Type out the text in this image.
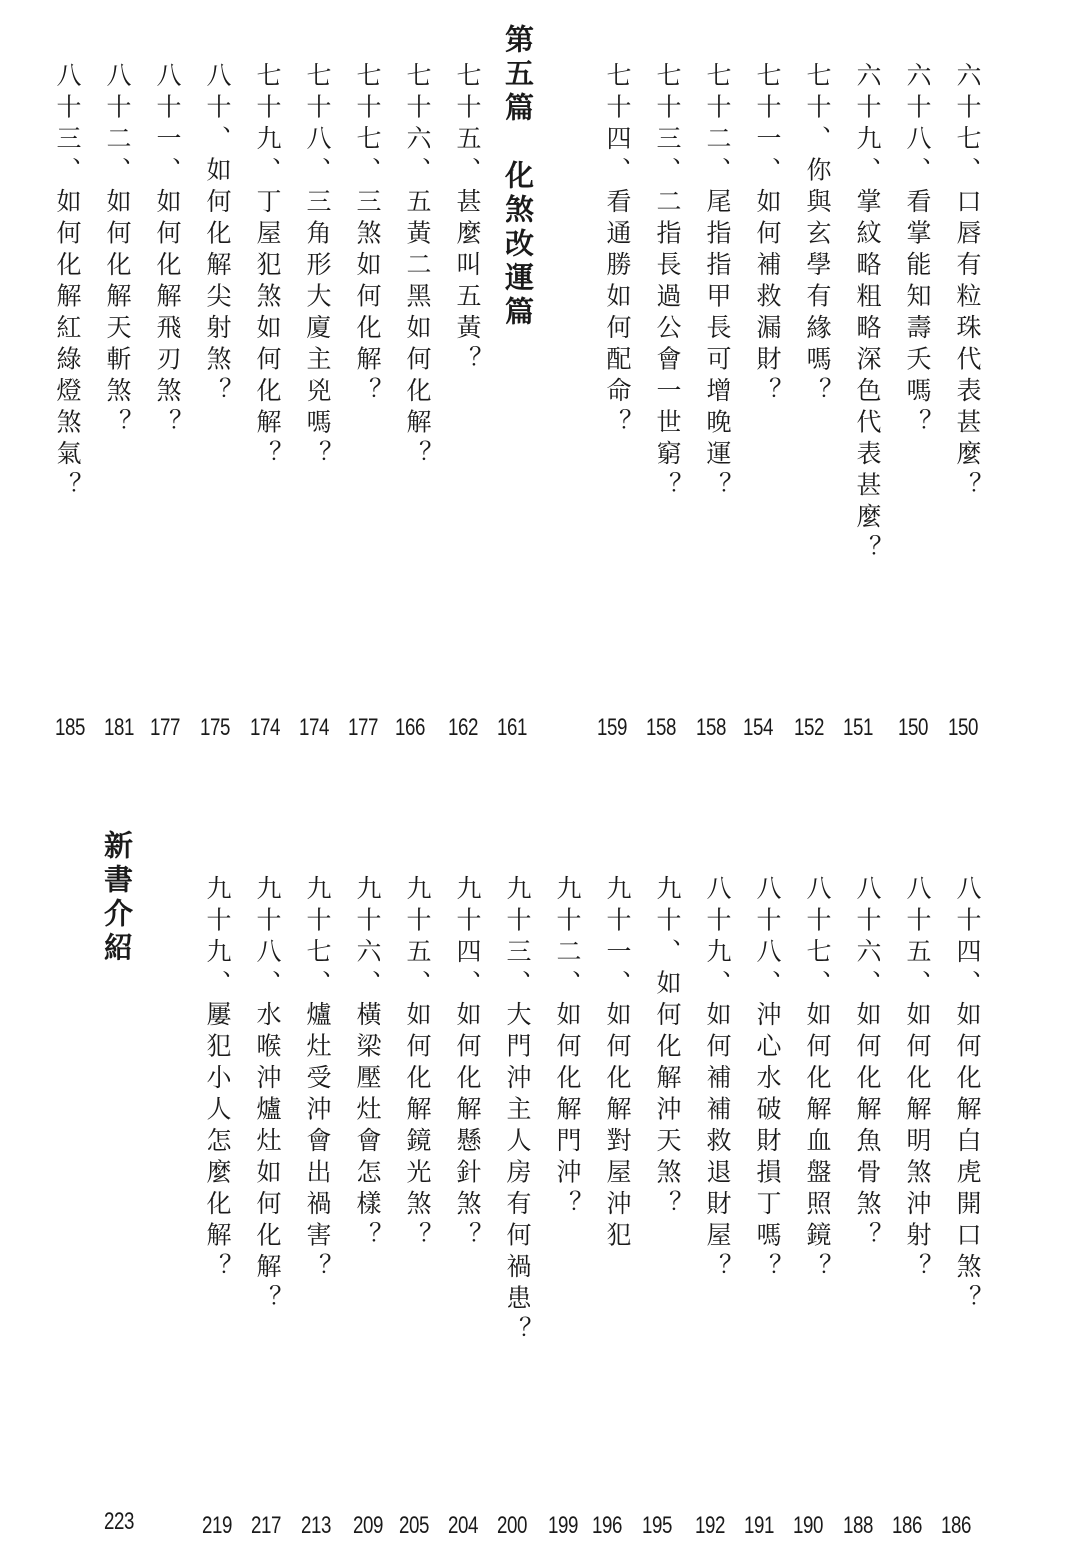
六十七、口唇有粒珠代表甚麼？
六十八、看掌能知壽夭嗎？
六十九、掌紋略粗略深色代表甚麼？
七十、你與玄學有緣嗎？
七十一、如何補救漏財？
七十二、尾指指甲長可增晚運？
七十三、二指長過公會一世窮？
七十四、看通勝如何配命？
第五篇　化煞改運篇
七十五、甚麼叫五黃？
七十六、五黃二黑如何化解？
七十七、三煞如何化解？
七十八、三角形大廈主兇嗎？
七十九、丁屋犯煞如何化解？
八十、如何化解尖射煞？
八十一、如何化解飛刃煞？
八十二、如何化解天斬煞？
八十三、如何化解紅綠燈煞氣？
150
150
151
152
154
158
158
159
161
162
166
177
174
174
175
177
181
185
八十四、如何化解白虎開口煞？
八十五、如何化解明煞沖射？
八十六、如何化解魚骨煞？
八十七、如何化解血盤照鏡？
八十八、沖心水破財損丁嗎？
八十九、如何補補救退財屋？
九十、如何化解沖天煞？
九十一、如何化解對屋沖犯
九十二、如何化解門沖？
九十三、大門沖主人房有何禍患？
九十四、如何化解懸針煞？
九十五、如何化解鏡光煞？
九十六、橫梁壓灶會怎樣？
九十七、爐灶受沖會出禍害？
九十八、水喉沖爐灶如何化解？
九十九、屢犯小人怎麼化解？
新書介紹
186
186
188
190
191
192
195
196
199
200
204
205
209
213
217
219
223
